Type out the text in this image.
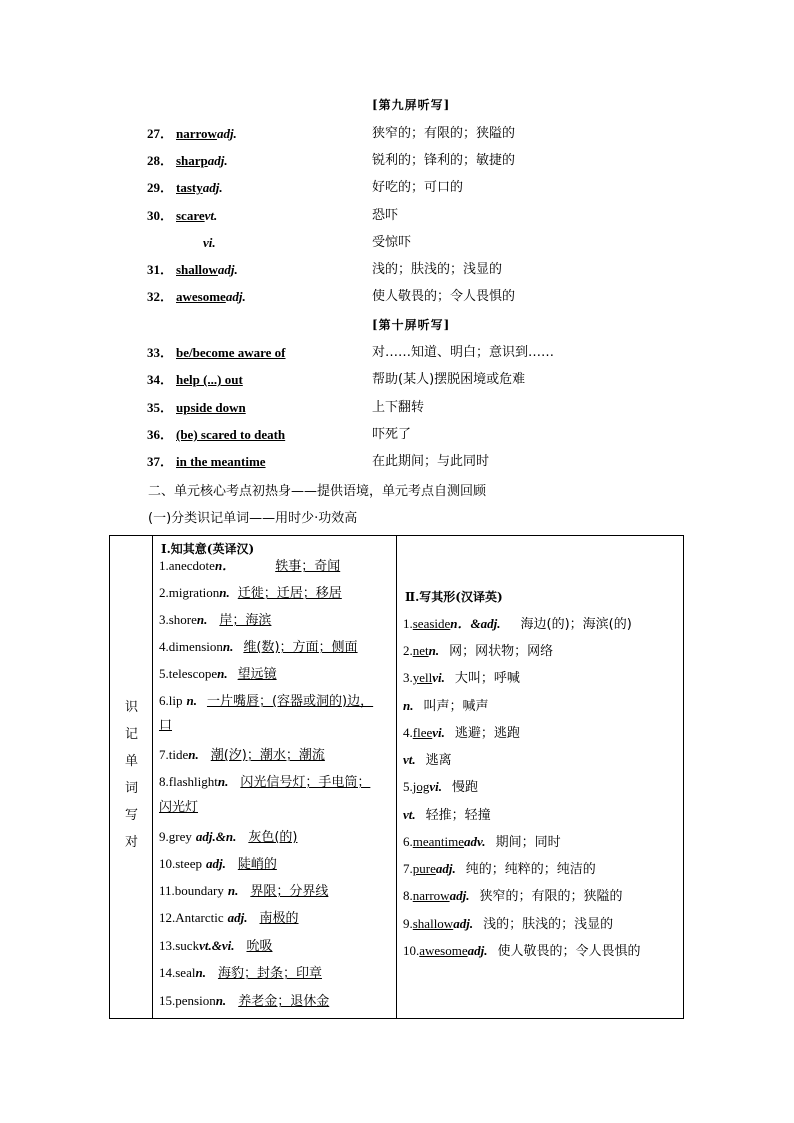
[第九屏听写]
27． narrowadj.	狭窄的；有限的；狭隘的
28． sharpadj.	锐利的；锋利的；敏捷的
29． tastyadj.	好吃的；可口的
30． scarevt.	恐吓
vi.	受惊吓
31． shallowadj.	浅的；肤浅的；浅显的
32． awesomeadj.	使人敬畏的；令人畏惧的
[第十屏听写]
33． be/become aware of	对……知道、明白；意识到……
34． help (...) out	帮助(某人)摆脱困境或危难
35． upside down	上下翻转
36． (be) scared to death	吓死了
37． in the meantime	在此期间；与此同时
二、单元核心考点初热身——提供语境，单元考点自测回顾
(一)分类识记单词——用时少·功效高
识
记
单
词
写
对
Ⅰ.知其意(英译汉)
1.anecdoten．	轶事；奇闻
2.migrationn. 迁徙；迁居；移居
3.shoren. 岸；海滨
4.dimensionn. 维(数)；方面；侧面
5.telescopen. 望远镜
6.lip n. 一片嘴唇；(容器或洞的)边，
口
7.tiden. 潮(汐)；潮水；潮流
8.flashlightn. 闪光信号灯；手电筒；
闪光灯
9.grey adj.&n. 灰色(的)
10.steep adj. 陡峭的
11.boundary n. 界限；分界线
12.Antarctic adj. 南极的
13.suckvt.&vi. 吮吸
14.sealn. 海豹；封条；印章
15.pensionn. 养老金；退休金
Ⅱ.写其形(汉译英)
1.seasiden．&adj. 海边(的)；海滨(的)
2.netn. 网；网状物；网络
3.yellvi. 大叫；呼喊
n. 叫声；喊声
4.fleevi. 逃避；逃跑
vt. 逃离
5.jogvi. 慢跑
vt. 轻推；轻撞
6.meantimeadv. 期间；同时
7.pureadj. 纯的；纯粹的；纯洁的
8.narrowadj. 狭窄的；有限的；狭隘的
9.shallowadj. 浅的；肤浅的；浅显的
10.awesomeadj. 使人敬畏的；令人畏惧的
